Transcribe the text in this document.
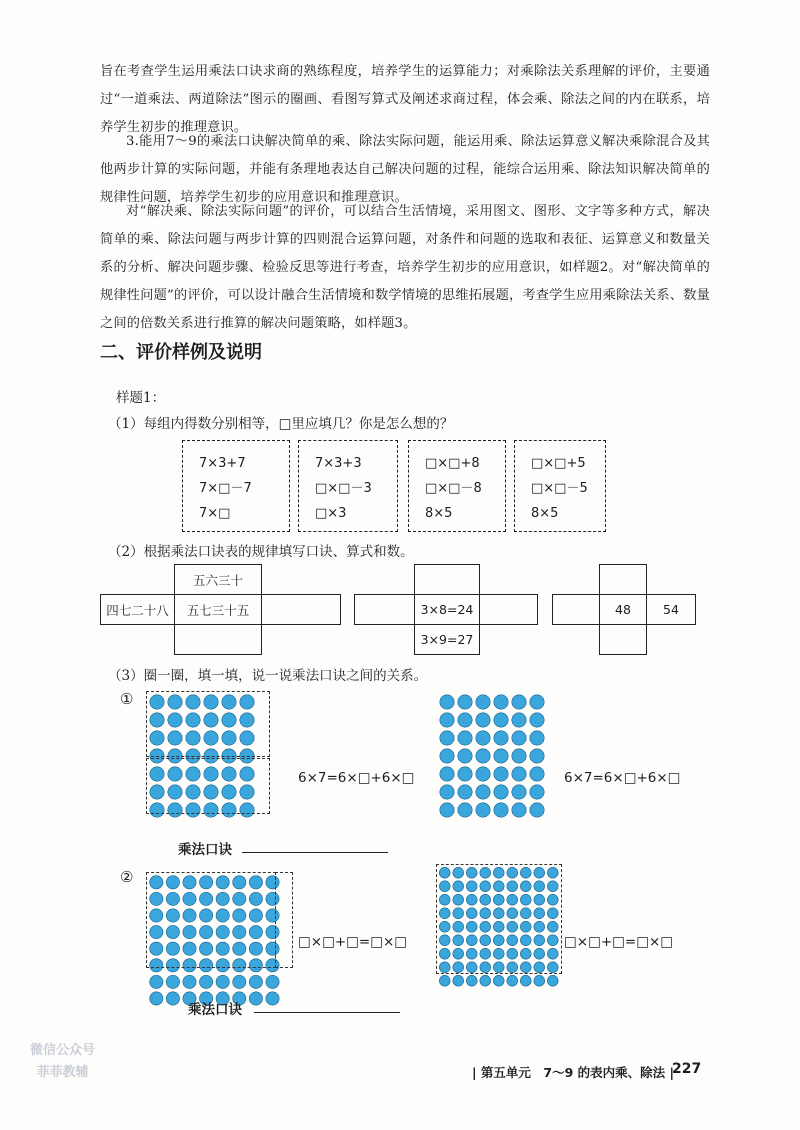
旨在考查学生运用乘法口诀求商的熟练程度，培养学生的运算能力；对乘除法关系理解的评价，主要通过“一道乘法、两道除法”图示的圈画、看图写算式及阐述求商过程，体会乘、除法之间的内在联系，培养学生初步的推理意识。

3.能用7～9的乘法口诀解决简单的乘、除法实际问题，能运用乘、除法运算意义解决乘除混合及其他两步计算的实际问题，并能有条理地表达自己解决问题的过程，能综合运用乘、除法知识解决简单的规律性问题，培养学生初步的应用意识和推理意识。

对“解决乘、除法实际问题”的评价，可以结合生活情境，采用图文、图形、文字等多种方式，解决简单的乘、除法问题与两步计算的四则混合运算问题，对条件和问题的选取和表征、运算意义和数量关系的分析、解决问题步骤、检验反思等进行考查，培养学生初步的应用意识，如样题2。对“解决简单的规律性问题”的评价，可以设计融合生活情境和数学情境的思维拓展题，考查学生应用乘除法关系、数量之间的倍数关系进行推算的解决问题策略，如样题3。

二、评价样例及说明

样题1：

（1）每组内得数分别相等，□里应填几？你是怎么想的？

7×3+7
7×□－7
7×□
7×3+3
□×□－3
□×3
□×□+8
□×□－8
8×5
□×□+5
□×□－5
8×5

（2）根据乘法口诀表的规律填写口诀、算式和数。

五六三十
四七二十八	五七三十五	3×8=24
3×9=27
48	54

（3）圈一圈，填一填，说一说乘法口诀之间的关系。

①
6×7=6×□+6×□	6×7=6×□+6×□
乘法口诀
②
□×□+□=□×□	□×□+□=□×□
乘法口诀
| 第五单元　7～9 的表内乘、除法 |
227
微信公众号
菲菲教辅
